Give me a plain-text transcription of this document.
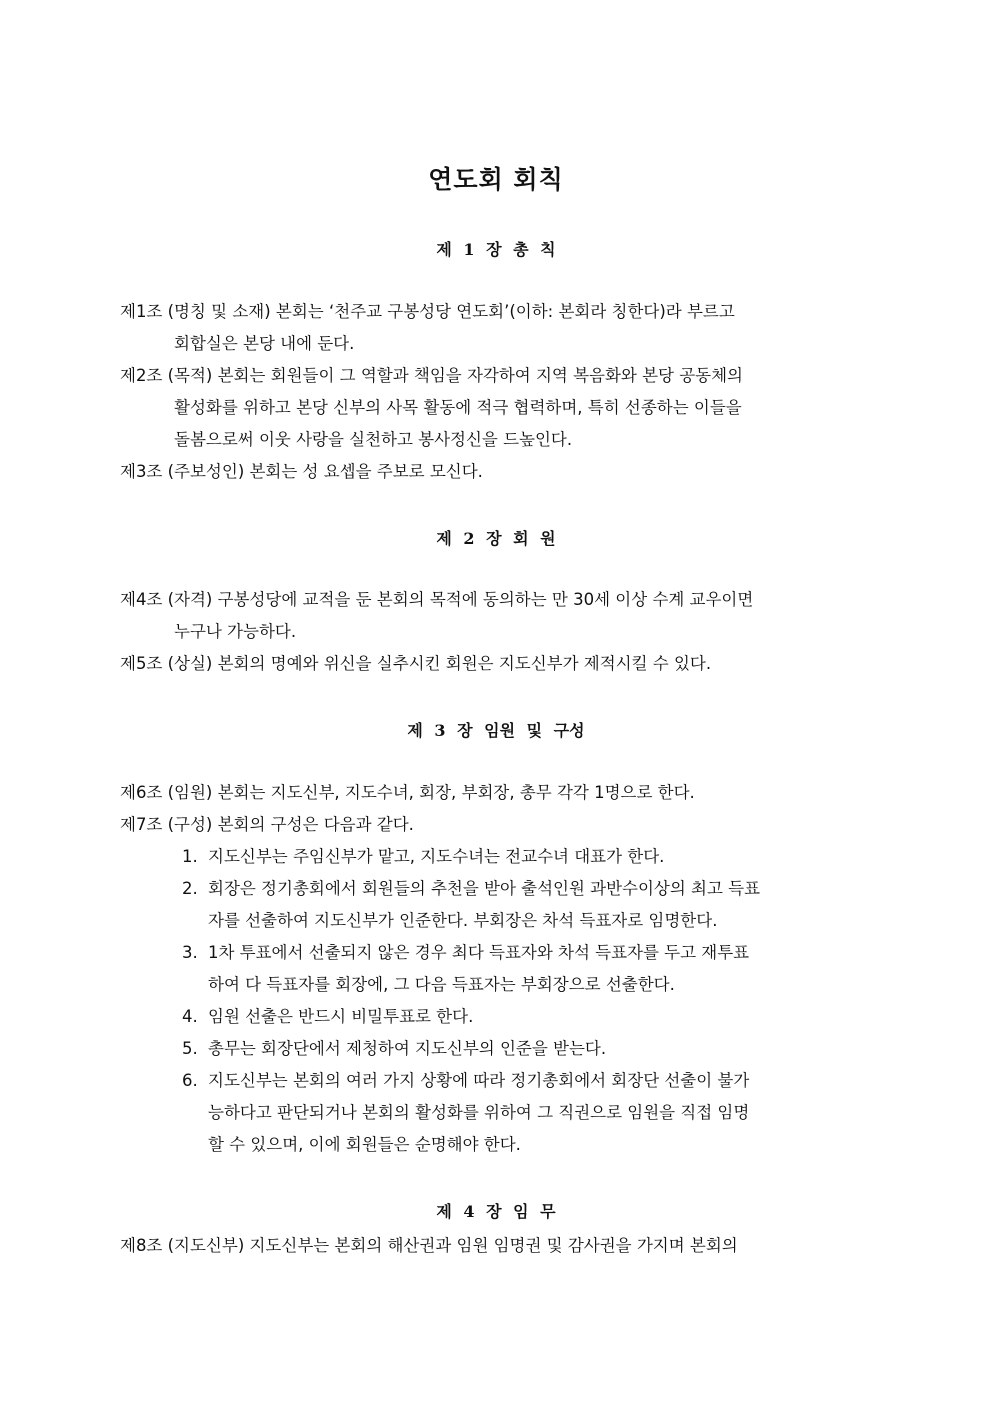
연도회 회칙
제 1 장 총 칙
제1조 (명칭 및 소재) 본회는 ‘천주교 구봉성당 연도회’(이하: 본회라 칭한다)라 부르고
회합실은 본당 내에 둔다.
제2조 (목적) 본회는 회원들이 그 역할과 책임을 자각하여 지역 복음화와 본당 공동체의
활성화를 위하고 본당 신부의 사목 활동에 적극 협력하며, 특히 선종하는 이들을
돌봄으로써 이웃 사랑을 실천하고 봉사정신을 드높인다.
제3조 (주보성인) 본회는 성 요셉을 주보로 모신다.
제 2 장 회 원
제4조 (자격) 구봉성당에 교적을 둔 본회의 목적에 동의하는 만 30세 이상 수계 교우이면
누구나 가능하다.
제5조 (상실) 본회의 명예와 위신을 실추시킨 회원은 지도신부가 제적시킬 수 있다.
제 3 장 임원 및 구성
제6조 (임원) 본회는 지도신부, 지도수녀, 회장, 부회장, 총무 각각 1명으로 한다.
제7조 (구성) 본회의 구성은 다음과 같다.
1. 지도신부는 주임신부가 맡고, 지도수녀는 전교수녀 대표가 한다.
2. 회장은 정기총회에서 회원들의 추천을 받아 출석인원 과반수이상의 최고 득표
자를 선출하여 지도신부가 인준한다. 부회장은 차석 득표자로 임명한다.
3. 1차 투표에서 선출되지 않은 경우 최다 득표자와 차석 득표자를 두고 재투표
하여 다 득표자를 회장에, 그 다음 득표자는 부회장으로 선출한다.
4. 임원 선출은 반드시 비밀투표로 한다.
5. 총무는 회장단에서 제청하여 지도신부의 인준을 받는다.
6. 지도신부는 본회의 여러 가지 상황에 따라 정기총회에서 회장단 선출이 불가
능하다고 판단되거나 본회의 활성화를 위하여 그 직권으로 임원을 직접 임명
할 수 있으며, 이에 회원들은 순명해야 한다.
제 4 장 임 무
제8조 (지도신부) 지도신부는 본회의 해산권과 임원 임명권 및 감사권을 가지며 본회의
